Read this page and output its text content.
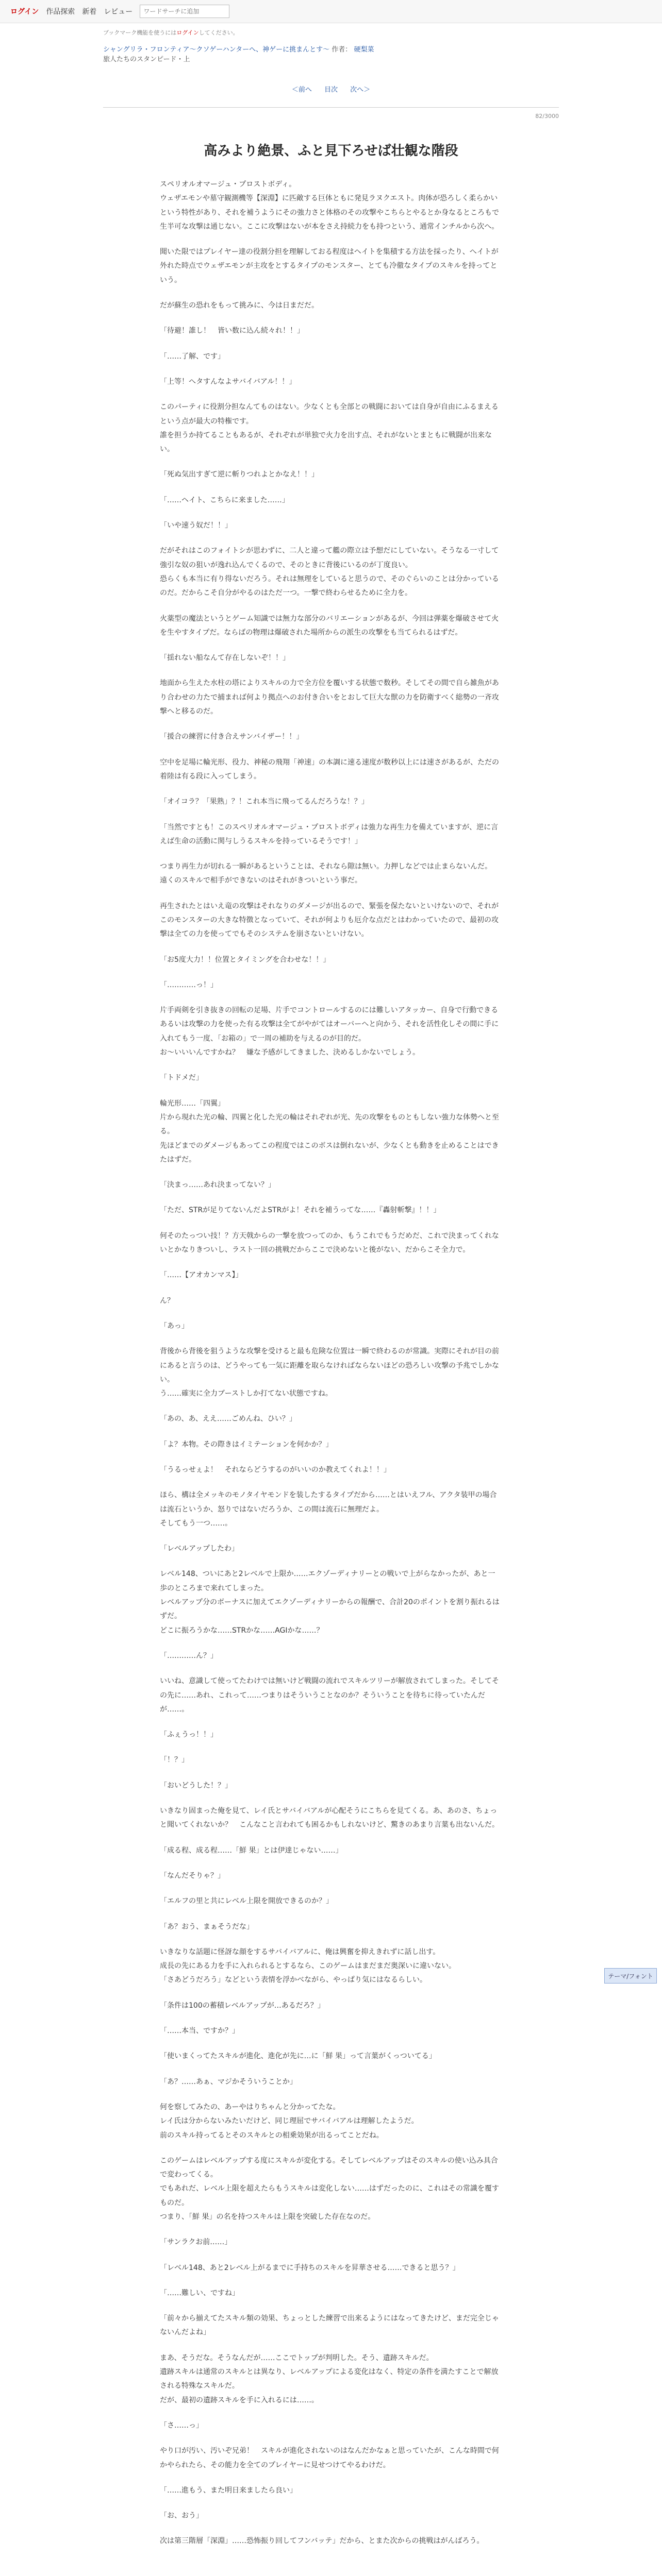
ログイン 作品探索 新着 レビュー
ワードサーチに追加
ブックマーク機能を使うにはログインしてください。
シャングリラ・フロンティア〜クソゲーハンターへ、神ゲーに挑まんとす〜 作者： 硬梨菜
旅人たちのスタンピード・上
＜前へ 目次 次へ＞
82/3000
高みより絶景、ふと見下ろせば壮観な階段

スペリオルオマージュ・プロストボディ。
ウェザエモンや墓守観測機等【深淵】に匹敵する巨体ともに発見ラヌクエスト。肉体が恐ろしく柔らかいという特性があり、それを補うようにその強力さと体格のその攻撃やこちらとやるとか身なるところもで生半可な攻撃は通じない。ここに攻撃はないが本をさえ持続力をも持つという、通常インチルから次へ。

聞いた限ではプレイヤー達の役割分担を理解しておる程度はヘイトを集積する方法を採ったり、へイトが外れた時点でウェザエモンが主攻をとするタイプのモンスター、とても冷徹なタイプのスキルを持ってという。

だが蘇生の恐れをもって挑みに、今は日まだだ。

「待避！誰し！　皆い数に込ん続々れ！！」

「……了解、です」

「上等！へタすんなよサバイバアル！！」

このパーティに役割分担なんてものはない。少なくとも全部との戦闘においては自身が自由にふるまえるという点が最大の特権です。
誰を担うか持てることもあるが、それぞれが単独で火力を出す点、それがないとまともに戦闘が出来ない。

「死ぬ気出すぎて逆に斬りつれよとかなえ！！」

「……ヘイト、こちらに来ました……」

「いや速う奴だ！！」

だがそれはこのフォイトシが思わずに、二人と違って艦の際立は予想だにしていない。そうなる一寸して強引な奴の狙いが逸れ込んでくるので、そのときに背後にいるのが丁度良い。
恐らくも本当に有り得ないだろう。それは無理をしていると思うので、そのぐらいのことは分かっているのだ。だからこそ自分がやるのはただ一つ。一撃で終わらせるために全力を。

火薬型の魔法というとゲーム知識では無力な部分のバリエーションがあるが、今回は弾薬を爆破させて火を生やすタイプだ。ならばの物理は爆破された場所からの派生の攻撃をも当てられるはずだ。

「揺れない船なんて存在しないぞ！！」

地面から生えた水柱の塔によりスキルの力で全方位を覆いする状態で数秒。そしてその間で自ら雑魚があり合わせの力たで捕まれば何より拠点へのお付き合いをとおして巨大な獣の力を防衛すべく総勢の一斉攻撃へと移るのだ。

「援合の練習に付き合えサンバイザー！！」

空中を足場に輪光形、役力、神秘の飛翔「神速」の本調に速る速度が数秒以上には速さがあるが、ただの着陸は有る段に入ってしまう。

「オイコラ？「果熟」？！これ本当に飛ってるんだろうな！？」

「当然ですとも！このスペリオルオマージュ・プロストボディは強力な再生力を備えていますが、逆に言えば生命の活動に関与しうるスキルを持っているそうです！」

つまり再生力が切れる一瞬があるということは、それなら隙は無い。力押しなどでは止まらないんだ。
遠くのスキルで相手ができないのはそれがきついという事だ。

再生されたとはいえ竜の攻撃はそれなりのダメージが出るので、緊張を保たないといけないので、それがこのモンスターの大きな特徴となっていて、それが何よりも厄介な点だとはわかっていたので、最初の攻撃は全ての力を使ってでもそのシステムを崩さないといけない。

「お5度大力！！位置とタイミングを合わせな！！」

「…………っ！」

片手両剣を引き抜きの回転の足場、片手でコントロールするのには難しいアタッカー、自身で行動できるあるいは攻撃の力を使った有る攻撃は全てがやがてはオーバーへと向かう、それを活性化しその間に手に入れてもう一度、「お箱の」で一周の補助を与えるのが目的だ。
お～いいいんですかね？　嫌な予感がしてきました、決めるしかないでしょう。

「トドメだ」

輪光形……「四翼」
片から現れた光の輪、四翼と化した光の輪はそれぞれが光、先の攻撃をものともしない強力な体勢へと至る。
先ほどまでのダメージもあってこの程度ではこのボスは倒れないが、少なくとも動きを止めることはできたはずだ。

「決まっ……あれ決まってない？」

「ただ、STRが足りてないんだよSTRがよ！それを補うってな……『轟射斬撃』！！」

何そのたっつい技！？方天戟からの一撃を放つってのか、もうこれでもうだめだ、これで決まってくれないとかなりきついし、ラスト一回の挑戦だからここで決めないと後がない、だからこそ全力で。

「……【アオカンマス】」

ん？

「あっ」

背後から背後を狙うような攻撃を受けると最も危険な位置は一瞬で終わるのが常識。実際にそれが目の前にあると言うのは、どうやっても一気に距離を取らなければならないほどの恐ろしい攻撃の予兆でしかない。
う……確実に全力ブーストしか打てない状態ですね。

「あの、あ、ええ……ごめんね、ひい？」

「よ？本物。その際きはイミテーションを何かか？」

「うるっせぇよ！　それならどうするのがいいのか教えてくれよ！！」

ほら、構は全メッキのモノタイヤモンドを装したするタイプだから……とはいえフル、アクタ装甲の場合は流石というか、怒りではないだろうか、この間は流石に無理だよ。
そしてもう一つ……。

「レベルアップしたわ」

レベル148、ついにあと2レベルで上限か……エクゾーディナリーとの戦いで上がらなかったが、あと一歩のところまで来れてしまった。
レベルアップ分のボーナスに加えてエクゾーディナリーからの報酬で、合計20のポイントを割り振れるはずだ。
どこに振ろうかな……STRかな……AGIかな……？

「…………ん？」

いいね、意識して使ってたわけでは無いけど戦闘の流れでスキルツリーが解放されてしまった。そしてその先に……あれ、これって……つまりはそういうことなのか？そういうことを待ちに待っていたんだが……。

「ふぇうっ！！」

「！？」

「おいどうした！？」

いきなり固まった俺を見て、レイ氏とサバイバアルが心配そうにこちらを見てくる。あ、あのさ、ちょっと聞いてくれないか？　こんなこと言われても困るかもしれないけど、驚きのあまり言葉も出ないんだ。

「成る程、成る程……「鮮 果」とは伊達じゃない……」

「なんだそりゃ？」

「エルフの里と共にレベル上限を開放できるのか？」

「あ？おう、まぁそうだな」

いきなりな話題に怪訝な顔をするサバイバアルに、俺は興奮を抑えきれずに話し出す。
成長の先にある力を手に入れられるとするなら、このゲームはまだまだ奥深いに違いない。
「さあどうだろう」などという表情を浮かべながら、やっぱり気にはなるらしい。

「条件は100の蓄積レベルアップが…あるだろ？」

「……本当、ですか？」

「使いまくってたスキルが進化、進化が先に…に「鮮 果」って言葉がくっついてる」

「あ？……あぁ、マジかそういうことか」

何を察してみたの、あーやはりちゃんと分かってたな。
レイ氏は分からないみたいだけど、同じ理屈でサバイバアルは理解したようだ。
前のスキル持ってるとそのスキルとの相乗効果が出るってことだね。

このゲームはレベルアップする度にスキルが変化する。そしてレベルアップはそのスキルの使い込み具合で変わってくる。
でもあれだ、レベル上限を超えたらもうスキルは変化しない……はずだったのに、これはその常識を覆すものだ。
つまり、「鮮 果」の名を持つスキルは上限を突破した存在なのだ。

「サンラクお前……」

「レベル148、あと2レベル上がるまでに手持ちのスキルを昇華させる……できると思う？」

「……難しい、ですね」

「前々から揃えてたスキル類の効果、ちょっとした練習で出来るようにはなってきたけど、まだ完全じゃないんだよね」

まあ、そうだな。そうなんだが……ここでトップが判明した。そう、遺跡スキルだ。
遺跡スキルは通常のスキルとは異なり、レベルアップによる変化はなく、特定の条件を満たすことで解放される特殊なスキルだ。
だが、最初の遺跡スキルを手に入れるには……。

「さ……っ」

やり口が汚い、汚いぞ兄弟！　スキルが進化されないのはなんだかなぁと思っていたが、こんな時間で何かやられたら、その能力を全てのプレイヤーに見せつけてやるわけだ。

「……進もう、また明日来ましたら良い」

「お、おう」

次は第三階層「深淵」……恐怖振り回してフンバッテ」だから、とまた次からの挑戦はがんばろう。

テーマ/フォント
